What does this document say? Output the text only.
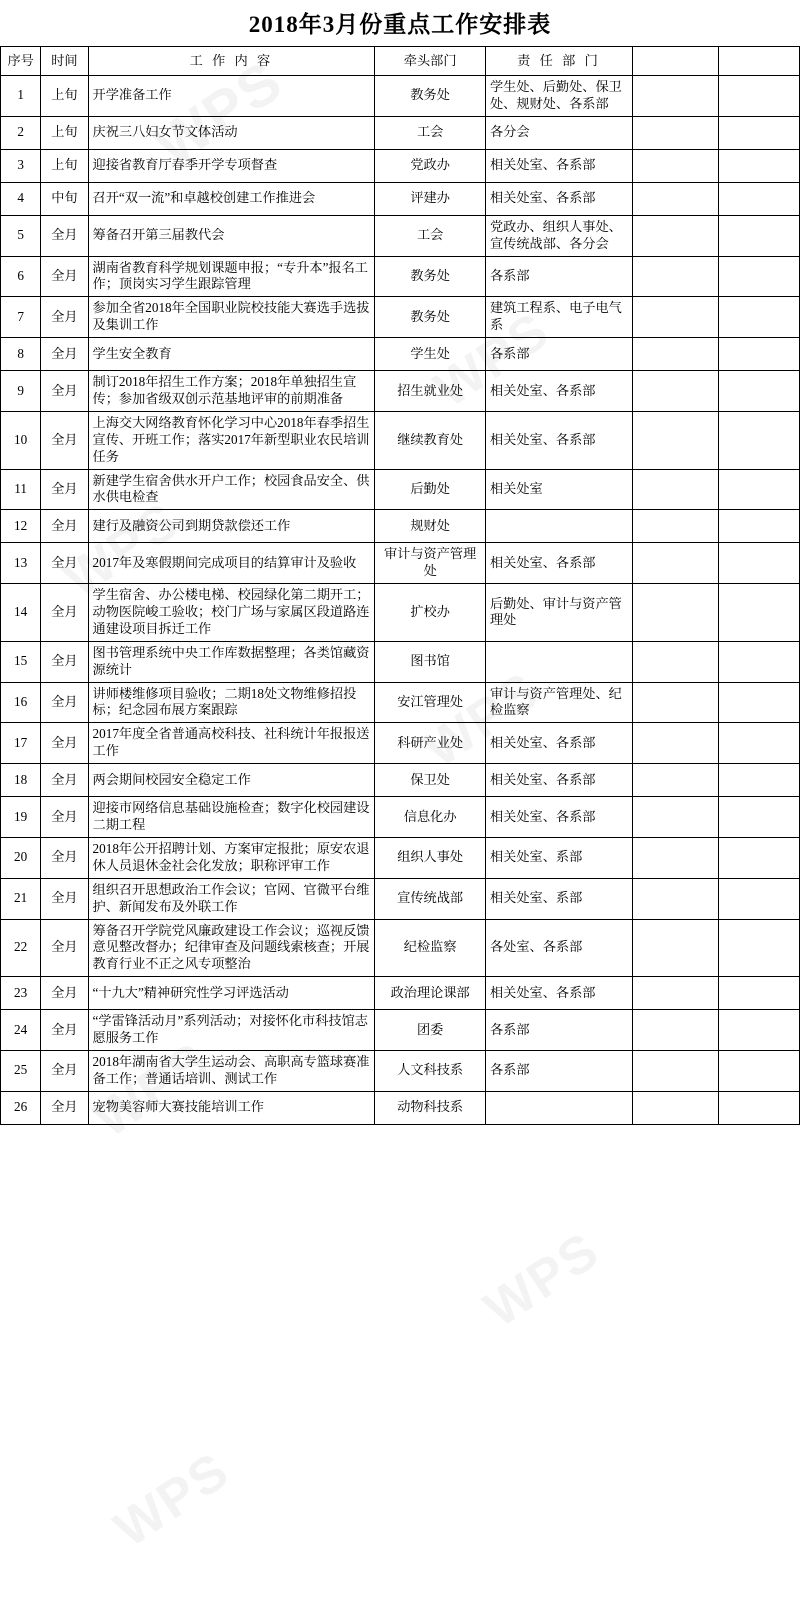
2018年3月份重点工作安排表
序号	时间	工 作 内 容	牵头部门	责 任 部 门		
1	上旬	开学准备工作	教务处	学生处、后勤处、保卫处、规财处、各系部		
2	上旬	庆祝三八妇女节文体活动	工会	各分会		
3	上旬	迎接省教育厅春季开学专项督查	党政办	相关处室、各系部		
4	中旬	召开“双一流”和卓越校创建工作推进会	评建办	相关处室、各系部		
5	全月	筹备召开第三届教代会	工会	党政办、组织人事处、宣传统战部、各分会		
6	全月	湖南省教育科学规划课题申报；“专升本”报名工作；顶岗实习学生跟踪管理	教务处	各系部		
7	全月	参加全省2018年全国职业院校技能大赛选手选拔及集训工作	教务处	建筑工程系、电子电气系		
8	全月	学生安全教育	学生处	各系部		
9	全月	制订2018年招生工作方案；2018年单独招生宣传；参加省级双创示范基地评审的前期准备	招生就业处	相关处室、各系部		
10	全月	上海交大网络教育怀化学习中心2018年春季招生宣传、开班工作；落实2017年新型职业农民培训任务	继续教育处	相关处室、各系部		
11	全月	新建学生宿舍供水开户工作；校园食品安全、供水供电检查	后勤处	相关处室		
12	全月	建行及融资公司到期贷款偿还工作	规财处			
13	全月	2017年及寒假期间完成项目的结算审计及验收	审计与资产管理处	相关处室、各系部		
14	全月	学生宿舍、办公楼电梯、校园绿化第二期开工；动物医院峻工验收；校门广场与家属区段道路连通建设项目拆迁工作	扩校办	后勤处、审计与资产管理处		
15	全月	图书管理系统中央工作库数据整理；各类馆藏资源统计	图书馆			
16	全月	讲师楼维修项目验收；二期18处文物维修招投标；纪念园布展方案跟踪	安江管理处	审计与资产管理处、纪检监察		
17	全月	2017年度全省普通高校科技、社科统计年报报送工作	科研产业处	相关处室、各系部		
18	全月	两会期间校园安全稳定工作	保卫处	相关处室、各系部		
19	全月	迎接市网络信息基础设施检查；数字化校园建设二期工程	信息化办	相关处室、各系部		
20	全月	2018年公开招聘计划、方案审定报批；原安农退休人员退休金社会化发放；职称评审工作	组织人事处	相关处室、系部		
21	全月	组织召开思想政治工作会议；官网、官微平台维护、新闻发布及外联工作	宣传统战部	相关处室、系部		
22	全月	筹备召开学院党风廉政建设工作会议；巡视反馈意见整改督办；纪律审查及问题线索核查；开展教育行业不正之风专项整治	纪检监察	各处室、各系部		
23	全月	“十九大”精神研究性学习评选活动	政治理论课部	相关处室、各系部		
24	全月	“学雷锋活动月”系列活动；对接怀化市科技馆志愿服务工作	团委	各系部		
25	全月	2018年湖南省大学生运动会、高职高专篮球赛准备工作；普通话培训、测试工作	人文科技系	各系部		
26	全月	宠物美容师大赛技能培训工作	动物科技系			
